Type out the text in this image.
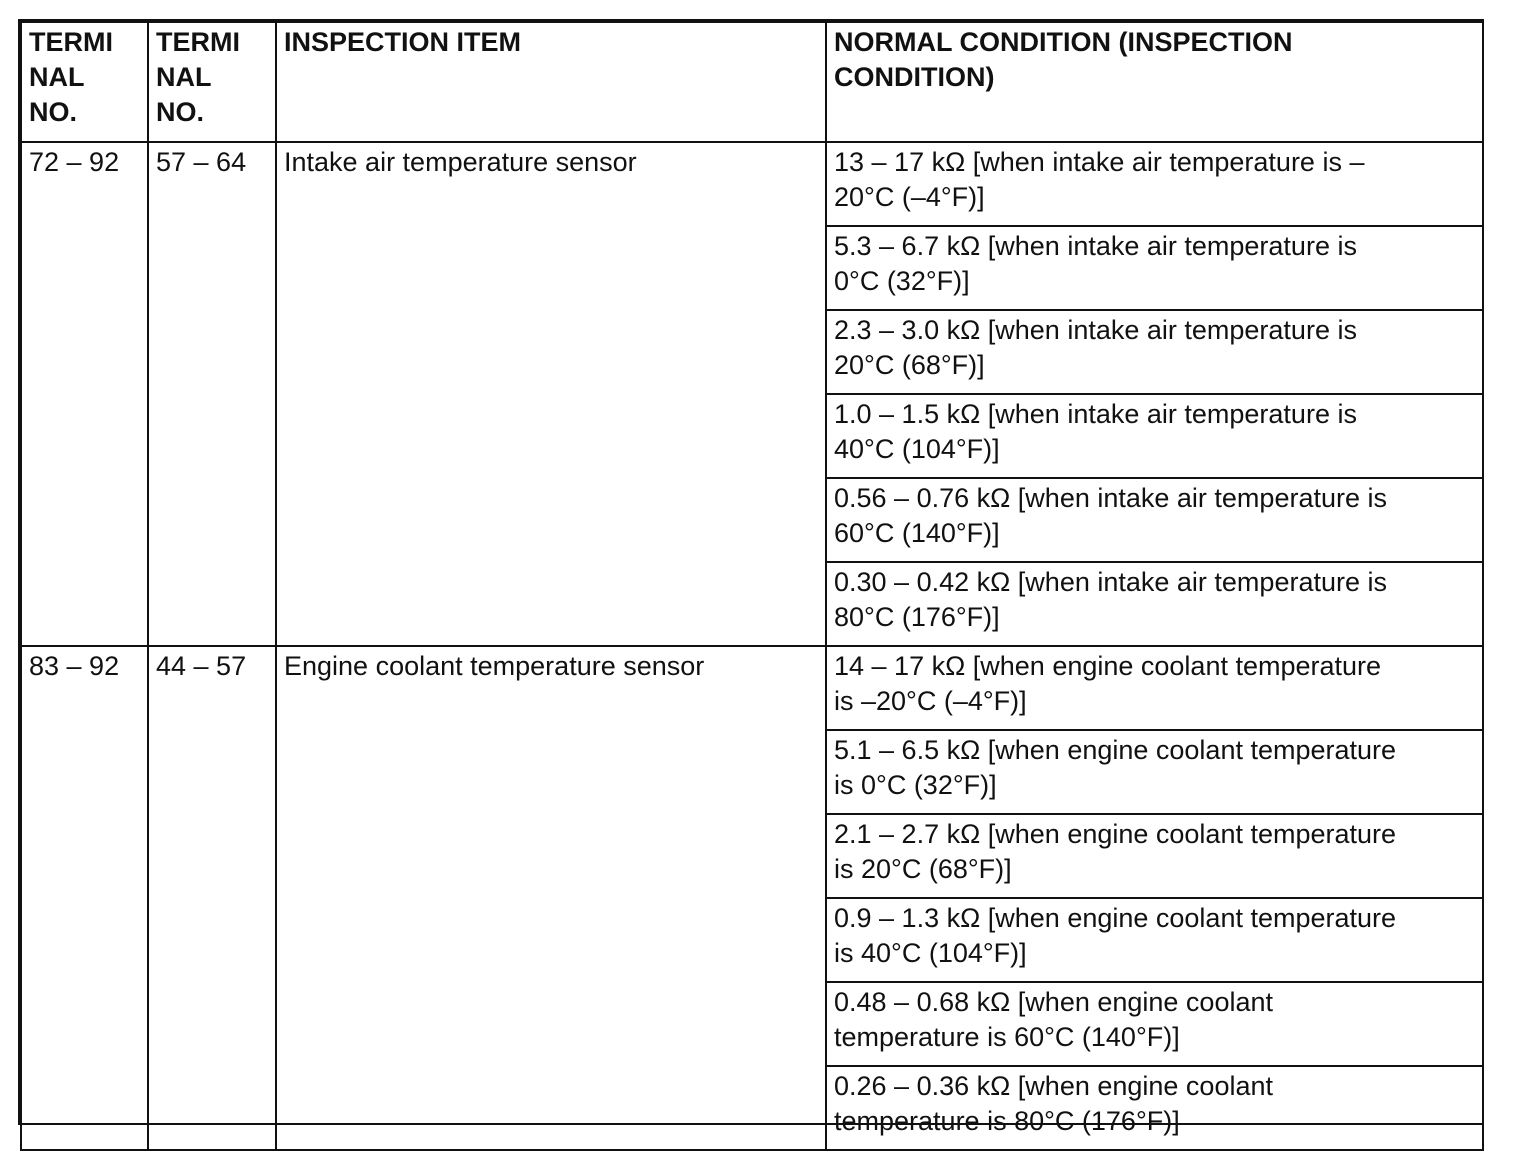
TERMI
NAL
NO.	TERMI
NAL
NO.	INSPECTION ITEM	NORMAL CONDITION (INSPECTION
CONDITION)

72 – 92	57 – 64	Intake air temperature sensor	13 – 17 kΩ [when intake air temperature is –
20°C (–4°F)]

			5.3 – 6.7 kΩ [when intake air temperature is
0°C (32°F)]

			2.3 – 3.0 kΩ [when intake air temperature is
20°C (68°F)]

			1.0 – 1.5 kΩ [when intake air temperature is
40°C (104°F)]

			0.56 – 0.76 kΩ [when intake air temperature is
60°C (140°F)]

			0.30 – 0.42 kΩ [when intake air temperature is
80°C (176°F)]

83 – 92	44 – 57	Engine coolant temperature sensor	14 – 17 kΩ [when engine coolant temperature
is –20°C (–4°F)]

			5.1 – 6.5 kΩ [when engine coolant temperature
is 0°C (32°F)]

			2.1 – 2.7 kΩ [when engine coolant temperature
is 20°C (68°F)]

			0.9 – 1.3 kΩ [when engine coolant temperature
is 40°C (104°F)]

			0.48 – 0.68 kΩ [when engine coolant
temperature is 60°C (140°F)]

			0.26 – 0.36 kΩ [when engine coolant
temperature is 80°C (176°F)]
